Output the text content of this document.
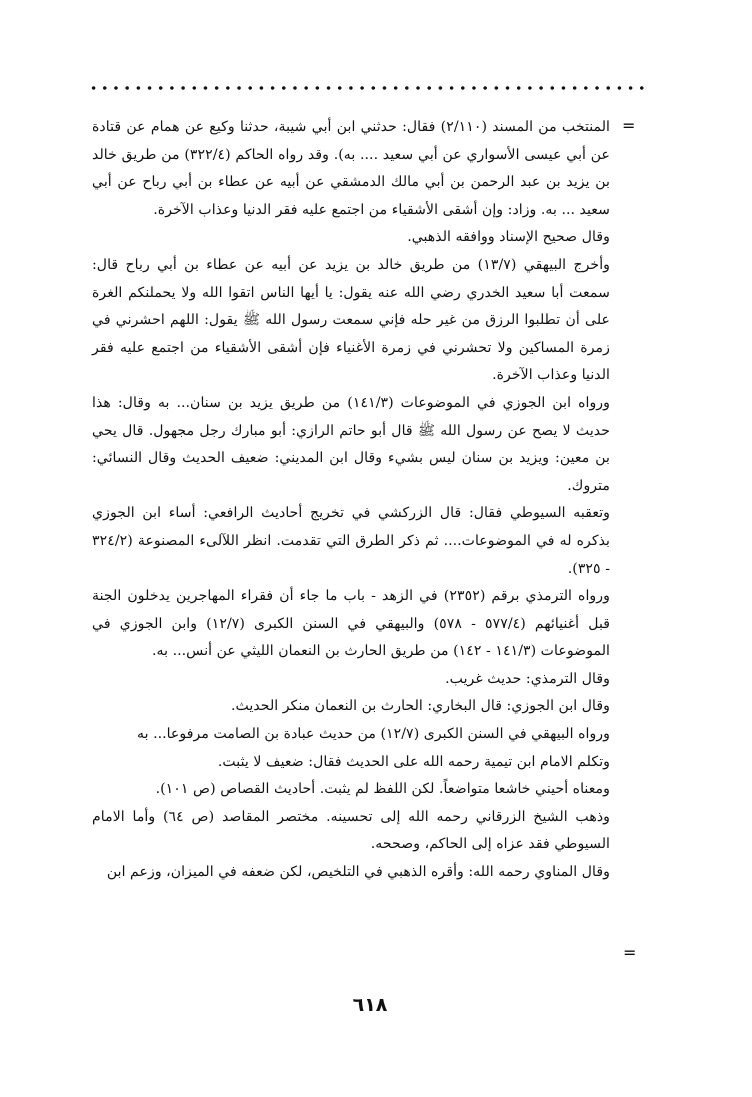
=

المنتخب من المسند (٢/١١٠) فقال: حدثني ابن أبي شيبة، حدثنا وكيع عن همام عن قتادة عن أبي عيسى الأسواري عن أبي سعيد .... به). وقد رواه الحاكم (٣٢٢/٤) من طريق خالد بن يزيد بن عبد الرحمن بن أبي مالك الدمشقي عن أبيه عن عطاء بن أبي رباح عن أبي سعيد ... به. وزاد: وإن أشقى الأشقياء من اجتمع عليه فقر الدنيا وعذاب الآخرة.

وقال صحيح الإسناد ووافقه الذهبي.

وأخرج البيهقي (١٣/٧) من طريق خالد بن يزيد عن أبيه عن عطاء بن أبي رباح قال: سمعت أبا سعيد الخدري رضي الله عنه يقول: يا أيها الناس اتقوا الله ولا يحملنكم الغرة على أن تطلبوا الرزق من غير حله فإني سمعت رسول الله ﷺ يقول: اللهم احشرني في زمرة المساكين ولا تحشرني في زمرة الأغنياء فإن أشقى الأشقياء من اجتمع عليه فقر الدنيا وعذاب الآخرة.

ورواه ابن الجوزي في الموضوعات (١٤١/٣) من طريق يزيد بن سنان... به وقال: هذا حديث لا يصح عن رسول الله ﷺ قال أبو حاتم الرازي: أبو مبارك رجل مجهول. قال يحي بن معين: ويزيد بن سنان ليس بشيء وقال ابن المديني: ضعيف الحديث وقال النسائي: متروك.

وتعقبه السيوطي فقال: قال الزركشي في تخريج أحاديث الرافعي: أساء ابن الجوزي بذكره له في الموضوعات.... ثم ذكر الطرق التي تقدمت. انظر اللآلىء المصنوعة (٣٢٤/٢ - ٣٢٥).

ورواه الترمذي برقم (٢٣٥٢) في الزهد - باب ما جاء أن فقراء المهاجرين يدخلون الجنة قبل أغنيائهم (٥٧٧/٤ - ٥٧٨) والبيهقي في السنن الكبرى (١٢/٧) وابن الجوزي في الموضوعات (١٤١/٣ - ١٤٢) من طريق الحارث بن النعمان الليثي عن أنس... به.

وقال الترمذي: حديث غريب.

وقال ابن الجوزي: قال البخاري: الحارث بن النعمان منكر الحديث.

ورواه البيهقي في السنن الكبرى (١٢/٧) من حديث عبادة بن الصامت مرفوعا... به

وتكلم الامام ابن تيمية رحمه الله على الحديث فقال: ضعيف لا يثبت.

ومعناه أحيني خاشعا متواضعاً. لكن اللفظ لم يثبت. أحاديث القصاص (ص ١٠١).

وذهب الشيخ الزرقاني رحمه الله إلى تحسينه. مختصر المقاصد (ص ٦٤) وأما الامام السيوطي فقد عزاه إلى الحاكم، وصححه.

وقال المناوي رحمه الله: وأقره الذهبي في التلخيص، لكن ضعفه في الميزان، وزعم ابن

=
٦١٨
